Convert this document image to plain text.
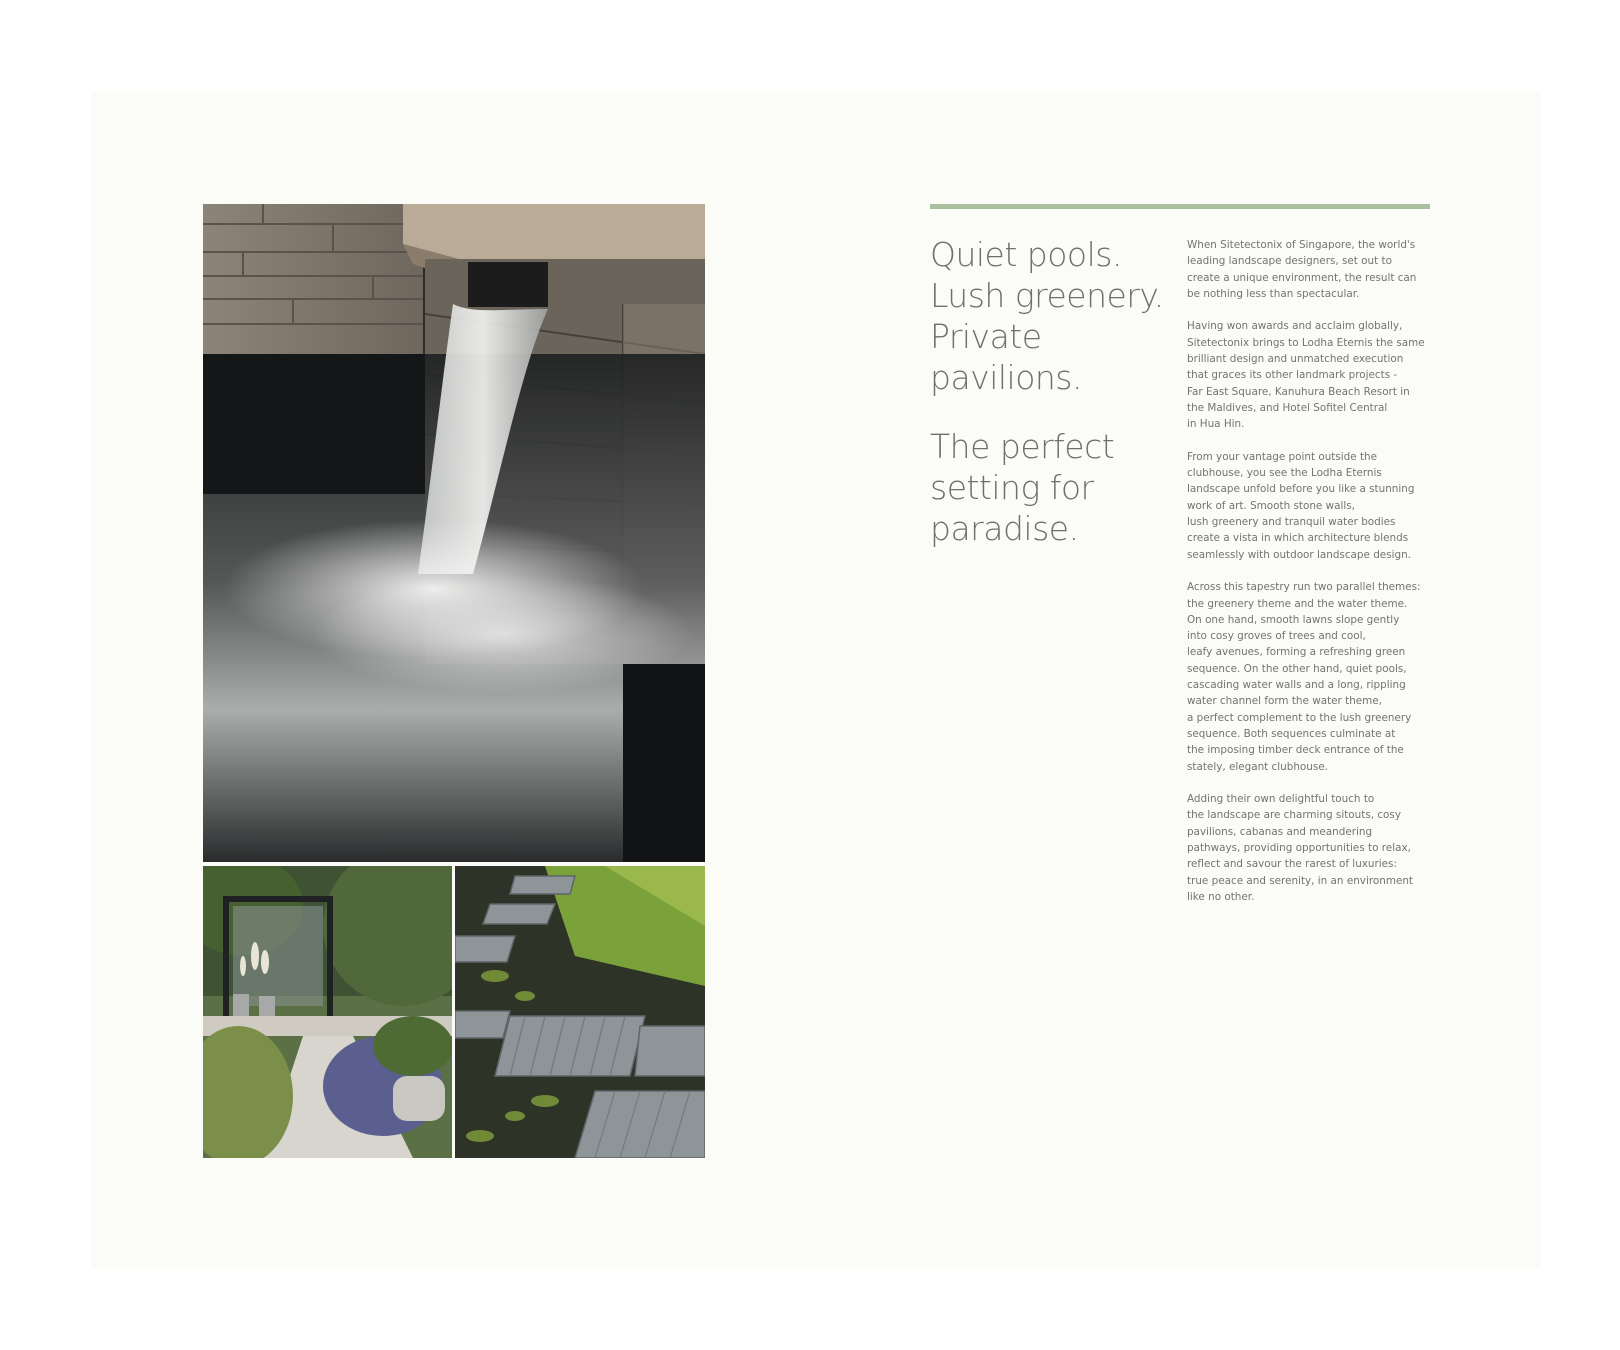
Quiet pools.
Lush greenery.
Private
pavilions.

The perfect
setting for
paradise.

When Sitetectonix of Singapore, the world's
leading landscape designers, set out to
create a unique environment, the result can
be nothing less than spectacular.

Having won awards and acclaim globally,
Sitetectonix brings to Lodha Eternis the same
brilliant design and unmatched execution
that graces its other landmark projects -
Far East Square, Kanuhura Beach Resort in
the Maldives, and Hotel Sofitel Central
in Hua Hin.

From your vantage point outside the
clubhouse, you see the Lodha Eternis
landscape unfold before you like a stunning
work of art. Smooth stone walls,
lush greenery and tranquil water bodies
create a vista in which architecture blends
seamlessly with outdoor landscape design.

Across this tapestry run two parallel themes:
the greenery theme and the water theme.
On one hand, smooth lawns slope gently
into cosy groves of trees and cool,
leafy avenues, forming a refreshing green
sequence. On the other hand, quiet pools,
cascading water walls and a long, rippling
water channel form the water theme,
a perfect complement to the lush greenery
sequence. Both sequences culminate at
the imposing timber deck entrance of the
stately, elegant clubhouse.

Adding their own delightful touch to
the landscape are charming sitouts, cosy
pavilions, cabanas and meandering
pathways, providing opportunities to relax,
reflect and savour the rarest of luxuries:
true peace and serenity, in an environment
like no other.
